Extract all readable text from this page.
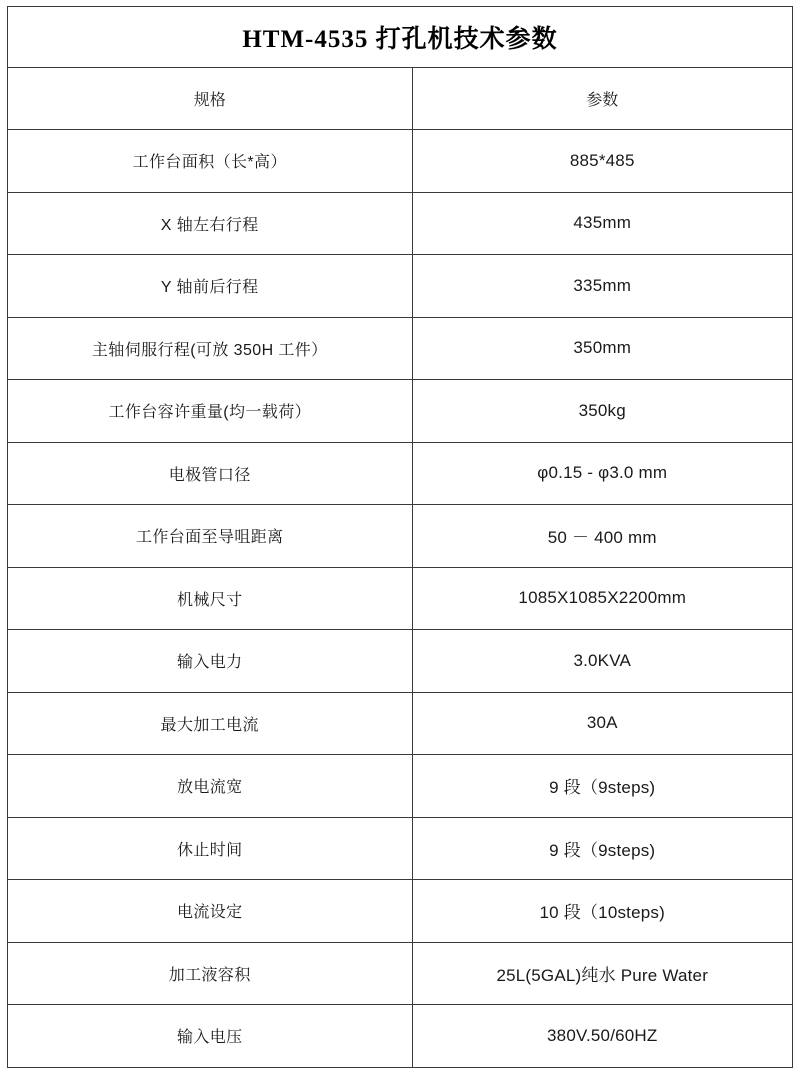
HTM-4535 打孔机技术参数	
规格	参数
工作台面积（长*高）	885*485
X 轴左右行程	435mm
Y 轴前后行程	335mm
主轴伺服行程(可放 350H 工件）	350mm
工作台容许重量(均一载荷）	350kg
电极管口径	φ0.15 - φ3.0 mm
工作台面至导咀距离	50 － 400 mm
机械尺寸	1085X1085X2200mm
输入电力	3.0KVA
最大加工电流	30A
放电流宽	9 段（9steps)
休止时间	9 段（9steps)
电流设定	10 段（10steps)
加工液容积	25L(5GAL)纯水 Pure Water
输入电压	380V.50/60HZ
